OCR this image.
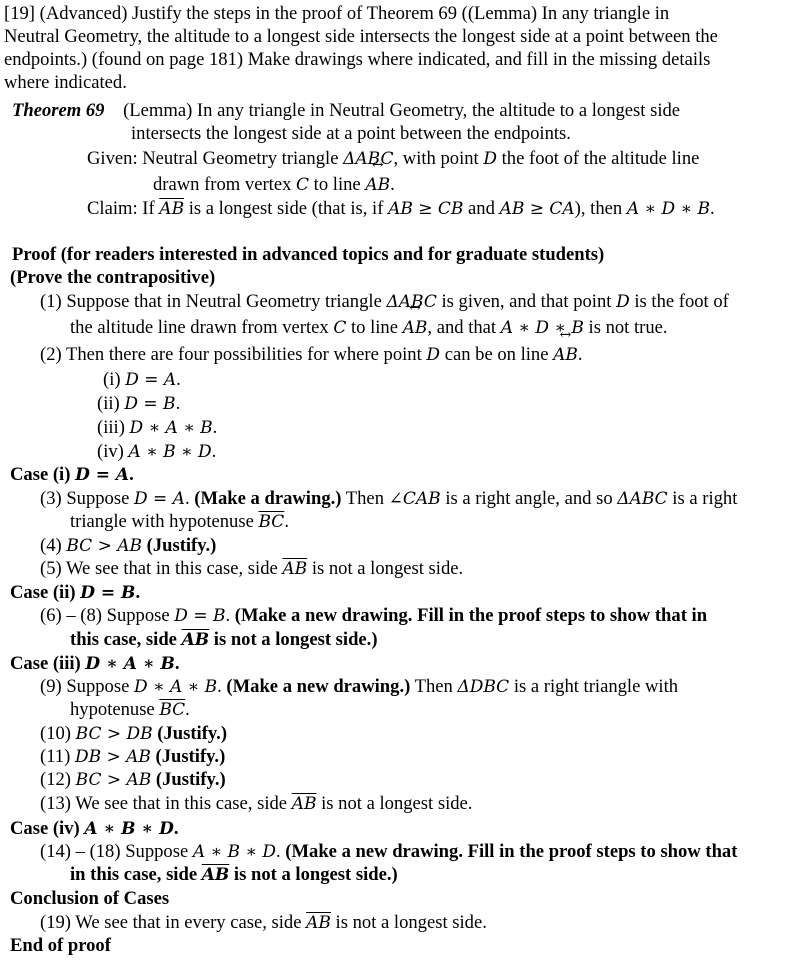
[19] (Advanced) Justify the steps in the proof of Theorem 69 ((Lemma) In any triangle in
Neutral Geometry, the altitude to a longest side intersects the longest side at a point between the
endpoints.) (found on page 181) Make drawings where indicated, and fill in the missing details
where indicated.
Theorem 69 (Lemma) In any triangle in Neutral Geometry, the altitude to a longest side
intersects the longest side at a point between the endpoints.
Given: Neutral Geometry triangle ΔABC, with point D the foot of the altitude line
drawn from vertex C to line ↔ AB.
Claim: If $\overline{AB}$ is a longest side (that is, if AB ≥ CB and AB ≥ CA), then A ∗ D ∗ B.
Proof (for readers interested in advanced topics and for graduate students)
(Prove the contrapositive)
(1) Suppose that in Neutral Geometry triangle ΔABC is given, and that point D is the foot of
the altitude line drawn from vertex C to line ↔ AB, and that A ∗ D ∗ B is not true.
(2) Then there are four possibilities for where point D can be on line ↔ AB.
(i) D = A.
(ii) D = B.
(iii) D ∗ A ∗ B.
(iv) A ∗ B ∗ D.
Case (i) D = A.
(3) Suppose D = A. (Make a drawing.) Then ∠CAB is a right angle, and so ΔABC is a right
triangle with hypotenuse $\overline{BC}$.
(4) BC > AB (Justify.)
(5) We see that in this case, side $\overline{AB}$ is not a longest side.
Case (ii) D = B.
(6) – (8) Suppose D = B. (Make a new drawing. Fill in the proof steps to show that in
this case, side $\overline{AB}$ is not a longest side.)
Case (iii) D ∗ A ∗ B.
(9) Suppose D ∗ A ∗ B. (Make a new drawing.) Then ΔDBC is a right triangle with
hypotenuse $\overline{BC}$.
(10) BC > DB (Justify.)
(11) DB > AB (Justify.)
(12) BC > AB (Justify.)
(13) We see that in this case, side $\overline{AB}$ is not a longest side.
Case (iv) A ∗ B ∗ D.
(14) – (18) Suppose A ∗ B ∗ D. (Make a new drawing. Fill in the proof steps to show that
in this case, side $\overline{AB}$ is not a longest side.)
Conclusion of Cases
(19) We see that in every case, side $\overline{AB}$ is not a longest side.
End of proof
